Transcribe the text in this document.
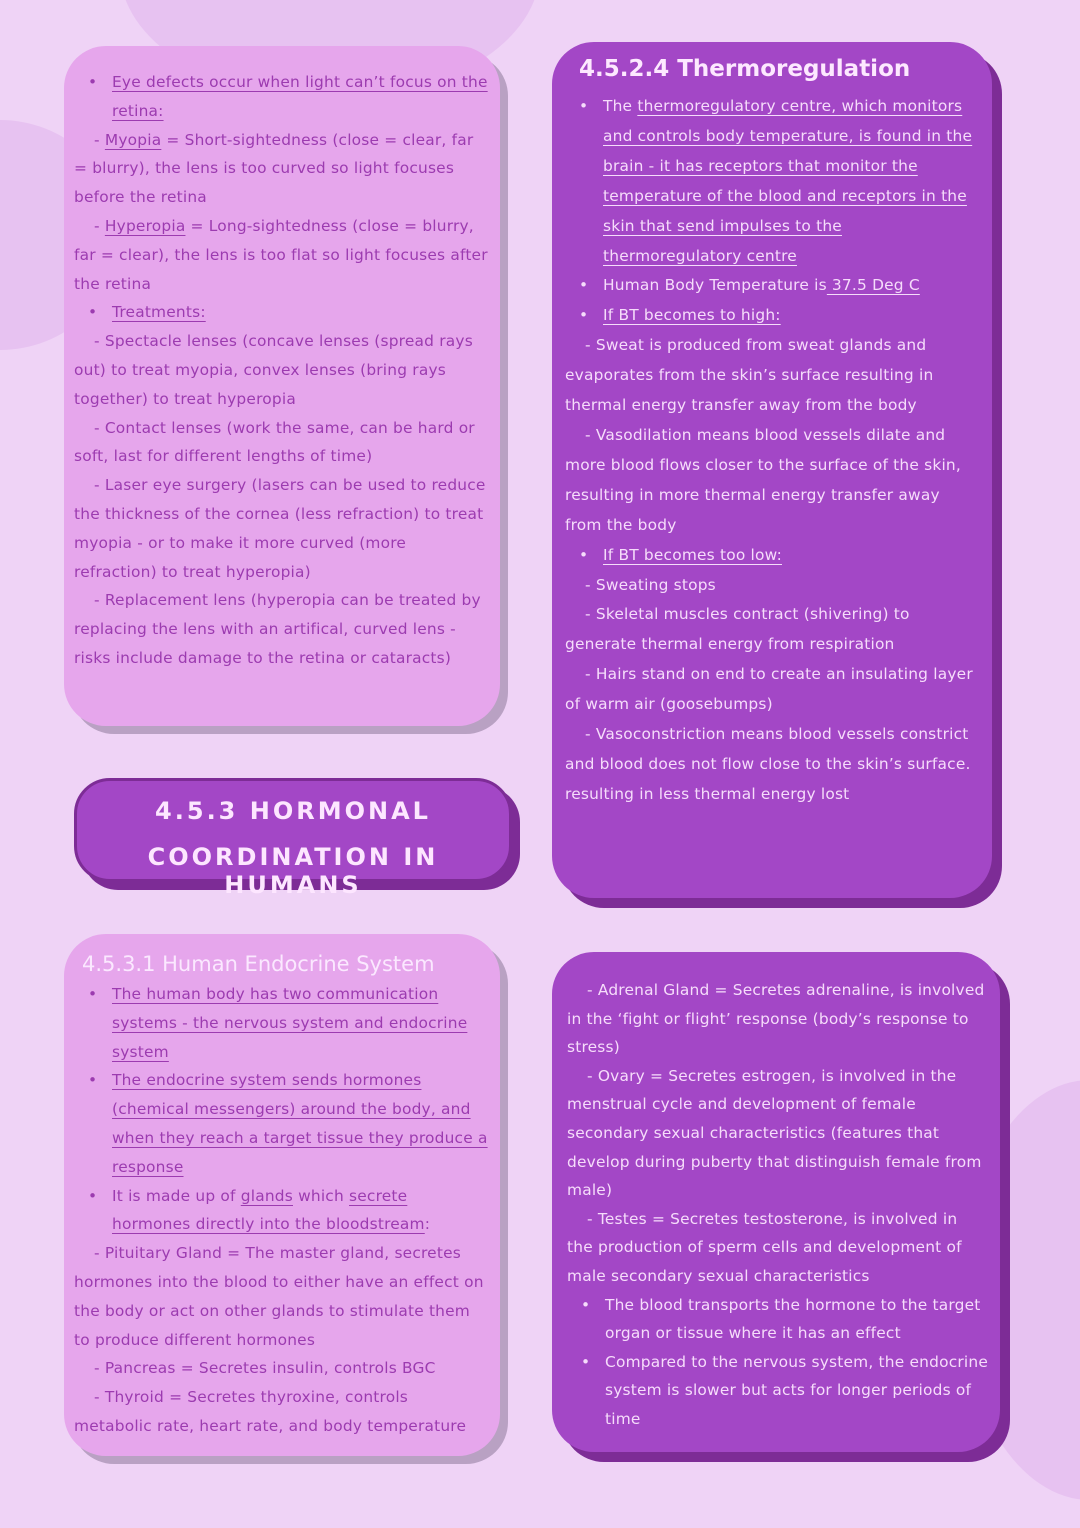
• Eye defects occur when light can’t focus on the retina:

- Myopia = Short-sightedness (close = clear, far = blurry), the lens is too curved so light focuses before the retina

- Hyperopia = Long-sightedness (close = blurry, far = clear), the lens is too flat so light focuses after the retina

• Treatments:

- Spectacle lenses (concave lenses (spread rays out) to treat myopia, convex lenses (bring rays together) to treat hyperopia

- Contact lenses (work the same, can be hard or soft, last for different lengths of time)

- Laser eye surgery (lasers can be used to reduce the thickness of the cornea (less refraction) to treat myopia - or to make it more curved (more refraction) to treat hyperopia)

- Replacement lens (hyperopia can be treated by replacing the lens with an artifical, curved lens - risks include damage to the retina or cataracts)

4.5.3 HORMONAL
COORDINATION IN HUMANS
4.5.3.1 Human Endocrine System

• The human body has two communication systems - the nervous system and endocrine system

• The endocrine system sends hormones (chemical messengers) around the body, and when they reach a target tissue they produce a response

• It is made up of glands which secrete hormones directly into the bloodstream:

- Pituitary Gland = The master gland, secretes hormones into the blood to either have an effect on the body or act on other glands to stimulate them to produce different hormones

- Pancreas = Secretes insulin, controls BGC

- Thyroid = Secretes thyroxine, controls metabolic rate, heart rate, and body temperature

4.5.2.4 Thermoregulation

• The thermoregulatory centre, which monitors and controls body temperature, is found in the brain - it has receptors that monitor the temperature of the blood and receptors in the skin that send impulses to the thermoregulatory centre

• Human Body Temperature is 37.5 Deg C

• If BT becomes to high:

- Sweat is produced from sweat glands and evaporates from the skin’s surface resulting in thermal energy transfer away from the body

- Vasodilation means blood vessels dilate and more blood flows closer to the surface of the skin, resulting in more thermal energy transfer away from the body

• If BT becomes too low:

- Sweating stops

- Skeletal muscles contract (shivering) to generate thermal energy from respiration

- Hairs stand on end to create an insulating layer of warm air (goosebumps)

- Vasoconstriction means blood vessels constrict and blood does not flow close to the skin’s surface. resulting in less thermal energy lost

- Adrenal Gland = Secretes adrenaline, is involved in the ‘fight or flight’ response (body’s response to stress)

- Ovary = Secretes estrogen, is involved in the menstrual cycle and development of female secondary sexual characteristics (features that develop during puberty that distinguish female from male)

- Testes = Secretes testosterone, is involved in the production of sperm cells and development of male secondary sexual characteristics

• The blood transports the hormone to the target organ or tissue where it has an effect

• Compared to the nervous system, the endocrine system is slower but acts for longer periods of time
